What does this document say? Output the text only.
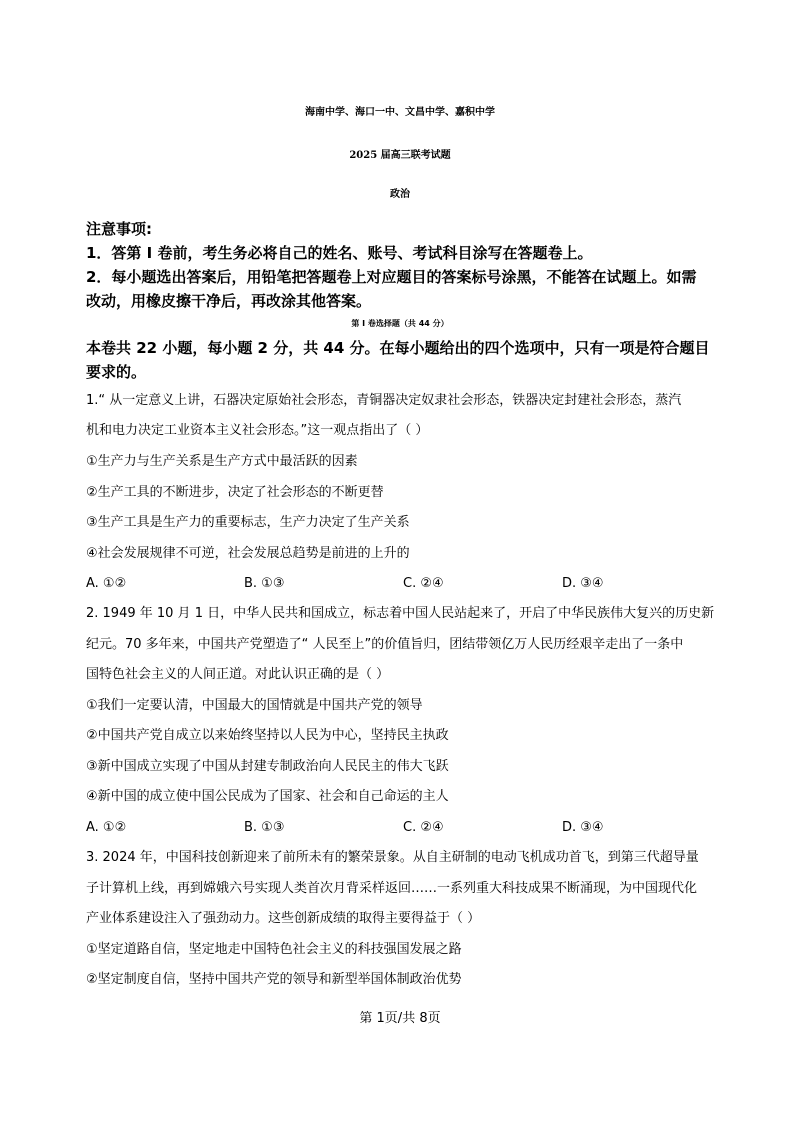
海南中学、海口一中、文昌中学、嘉积中学
2025 届高三联考试题
政治
注意事项:
1．答第 I 卷前，考生务必将自己的姓名、账号、考试科目涂写在答题卷上。
2．每小题选出答案后，用铅笔把答题卷上对应题目的答案标号涂黑，不能答在试题上。如需
改动，用橡皮擦干净后，再改涂其他答案。
第 I 卷选择题（共 44 分）
本卷共 22 小题，每小题 2 分，共 44 分。在每小题给出的四个选项中，只有一项是符合题目
要求的。
1.“ 从一定意义上讲，石器决定原始社会形态，青铜器决定奴隶社会形态，铁器决定封建社会形态，蒸汽
机和电力决定工业资本主义社会形态。”这一观点指出了（ ）
①生产力与生产关系是生产方式中最活跃的因素
②生产工具的不断进步，决定了社会形态的不断更替
③生产工具是生产力的重要标志，生产力决定了生产关系
④社会发展规律不可逆，社会发展总趋势是前进的上升的
A. ①②	B. ①③	C. ②④	D. ③④
2. 1949 年 10 月 1 日，中华人民共和国成立，标志着中国人民站起来了，开启了中华民族伟大复兴的历史新
纪元。70 多年来，中国共产党塑造了“ 人民至上”的价值旨归，团结带领亿万人民历经艰辛走出了一条中
国特色社会主义的人间正道。对此认识正确的是（ ）
①我们一定要认清，中国最大的国情就是中国共产党的领导
②中国共产党自成立以来始终坚持以人民为中心，坚持民主执政
③新中国成立实现了中国从封建专制政治向人民民主的伟大飞跃
④新中国的成立使中国公民成为了国家、社会和自己命运的主人
A. ①②	B. ①③	C. ②④	D. ③④
3. 2024 年，中国科技创新迎来了前所未有的繁荣景象。从自主研制的电动飞机成功首飞，到第三代超导量
子计算机上线，再到嫦娥六号实现人类首次月背采样返回……一系列重大科技成果不断涌现，为中国现代化
产业体系建设注入了强劲动力。这些创新成绩的取得主要得益于（ ）
①坚定道路自信，坚定地走中国特色社会主义的科技强国发展之路
②坚定制度自信，坚持中国共产党的领导和新型举国体制政治优势
第 1页/共 8页
